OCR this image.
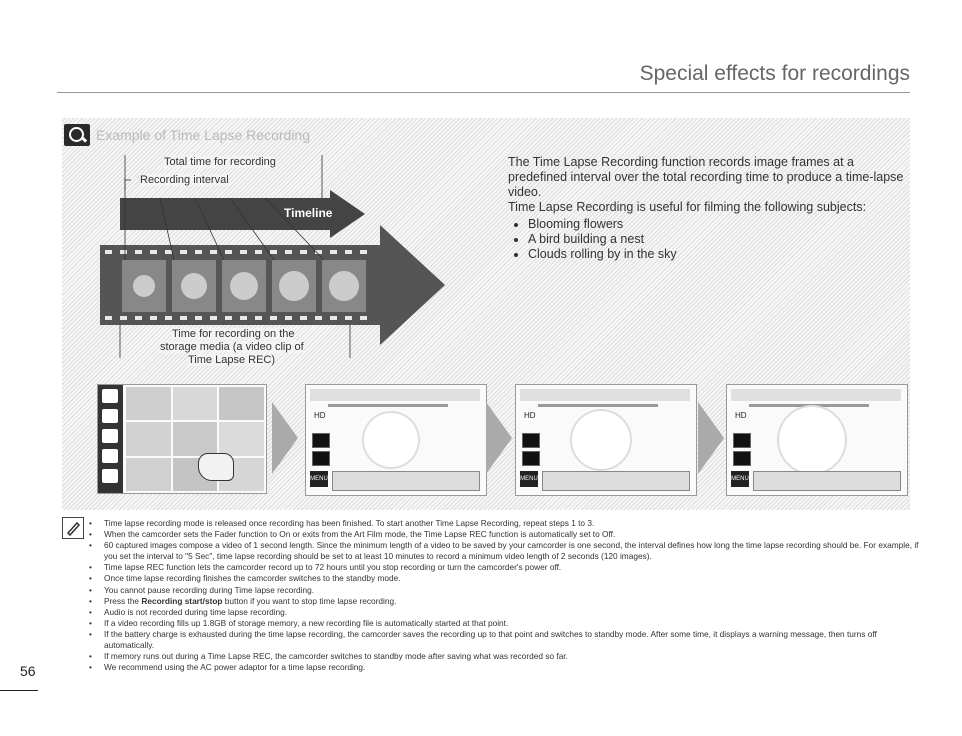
Special effects for recordings
Example of Time Lapse Recording
Timeline
Total time for recording
Recording interval
Time for recording on the
storage media (a video clip of
Time Lapse REC)

The Time Lapse Recording function records image frames at a predefined interval over the total recording time to produce a time-lapse video.

Time Lapse Recording is useful for filming the following subjects:

• Blooming flowers
• A bird building a nest
• Clouds rolling by in the sky
HD
MENU
HD
MENU
HD
MENU
• Time lapse recording mode is released once recording has been finished. To start another Time Lapse Recording, repeat steps 1 to 3.
• When the camcorder sets the Fader function to On or exits from the Art Film mode, the Time Lapse REC function is automatically set to Off.
• 60 captured images compose a video of 1 second length. Since the minimum length of a video to be saved by your camcorder is one second, the interval defines how long the time lapse recording should be. For example, if you set the interval to "5 Sec", time lapse recording should be set to at least 10 minutes to record a minimum video length of 2 seconds (120 images).
• Time lapse REC function lets the camcorder record up to 72 hours until you stop recording or turn the camcorder's power off.
• Once time lapse recording finishes the camcorder switches to the standby mode.
• You cannot pause recording during Time lapse recording.
• Press the Recording start/stop button if you want to stop time lapse recording.
• Audio is not recorded during time lapse recording.
• If a video recording fills up 1.8GB of storage memory, a new recording file is automatically started at that point.
• If the battery charge is exhausted during the time lapse recording, the camcorder saves the recording up to that point and switches to standby mode. After some time, it displays a warning message, then turns off automatically.
• If memory runs out during a Time Lapse REC, the camcorder switches to standby mode after saving what was recorded so far.
• We recommend using the AC power adaptor for a time lapse recording.
56
